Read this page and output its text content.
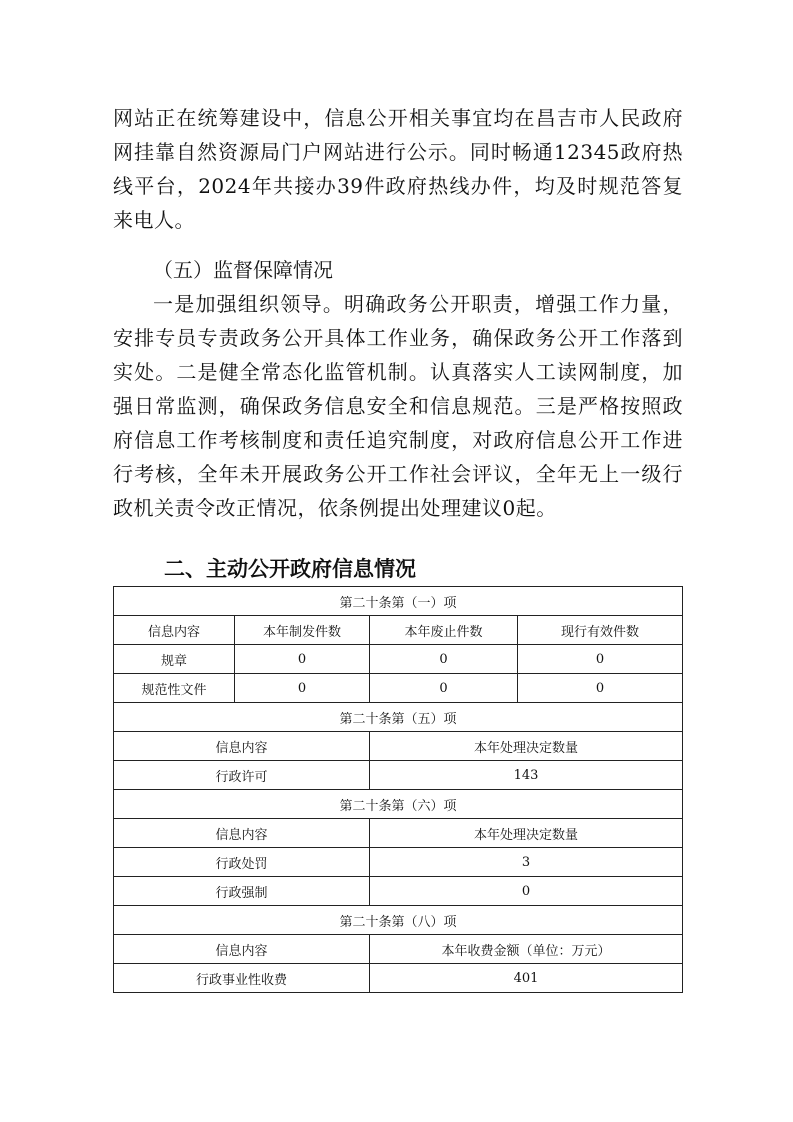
网站正在统筹建设中，信息公开相关事宜均在昌吉市人民政府网挂靠自然资源局门户网站进行公示。同时畅通12345政府热线平台，2024年共接办39件政府热线办件，均及时规范答复来电人。

（五）监督保障情况

一是加强组织领导。明确政务公开职责，增强工作力量，安排专员专责政务公开具体工作业务，确保政务公开工作落到实处。二是健全常态化监管机制。认真落实人工读网制度，加强日常监测，确保政务信息安全和信息规范。三是严格按照政府信息工作考核制度和责任追究制度，对政府信息公开工作进行考核，全年未开展政务公开工作社会评议，全年无上一级行政机关责令改正情况，依条例提出处理建议0起。

二、主动公开政府信息情况
第二十条第（一）项			
信息内容	本年制发件数	本年废止件数	现行有效件数
规章	0	0	0
规范性文件	0	0	0
第二十条第（五）项			
信息内容		本年处理决定数量	
行政许可		143	
第二十条第（六）项			
信息内容		本年处理决定数量	
行政处罚		3	
行政强制		0	
第二十条第（八）项			
信息内容		本年收费金额（单位：万元）	
行政事业性收费		401	
